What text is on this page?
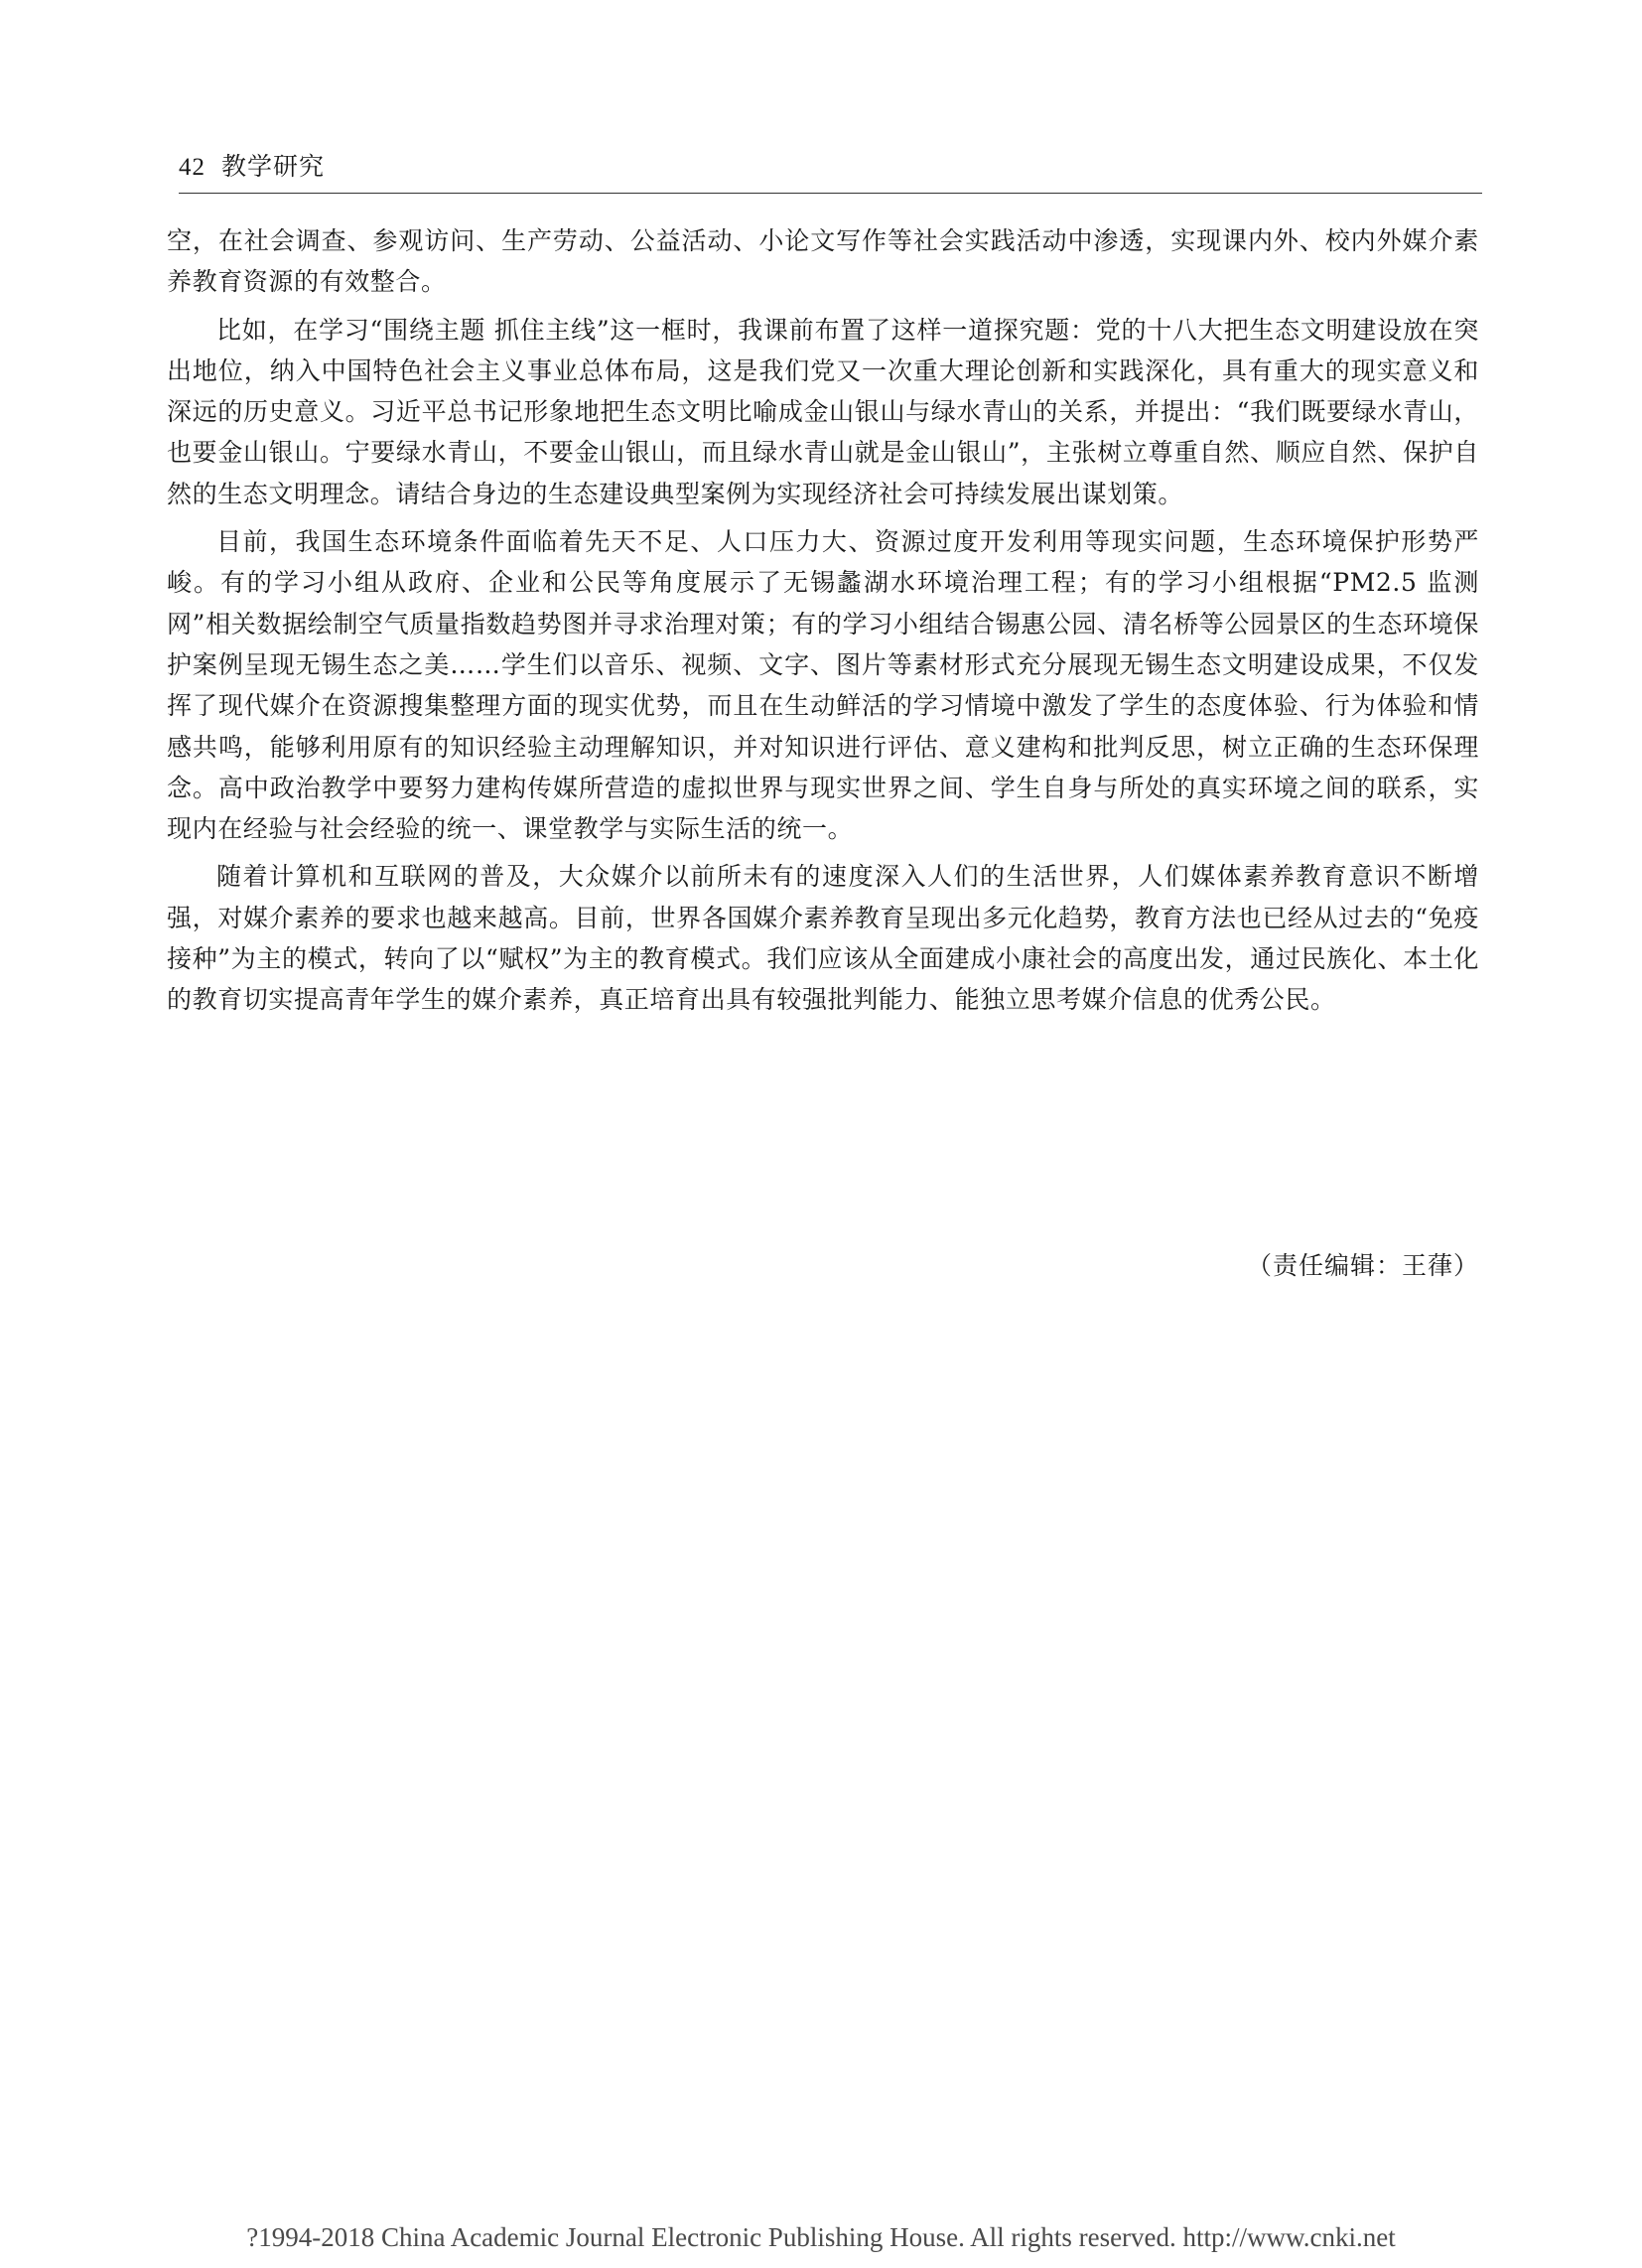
42 教学研究

空，在社会调查、参观访问、生产劳动、公益活动、小论文写作等社会实践活动中渗透，实现课内外、校内外媒介素养教育资源的有效整合。

比如，在学习“围绕主题 抓住主线”这一框时，我课前布置了这样一道探究题：党的十八大把生态文明建设放在突出地位，纳入中国特色社会主义事业总体布局，这是我们党又一次重大理论创新和实践深化，具有重大的现实意义和深远的历史意义。习近平总书记形象地把生态文明比喻成金山银山与绿水青山的关系，并提出：“我们既要绿水青山，也要金山银山。宁要绿水青山，不要金山银山，而且绿水青山就是金山银山”，主张树立尊重自然、顺应自然、保护自然的生态文明理念。请结合身边的生态建设典型案例为实现经济社会可持续发展出谋划策。

目前，我国生态环境条件面临着先天不足、人口压力大、资源过度开发利用等现实问题，生态环境保护形势严峻。有的学习小组从政府、企业和公民等角度展示了无锡蠡湖水环境治理工程；有的学习小组根据“PM2.5 监测网”相关数据绘制空气质量指数趋势图并寻求治理对策；有的学习小组结合锡惠公园、清名桥等公园景区的生态环境保护案例呈现无锡生态之美……学生们以音乐、视频、文字、图片等素材形式充分展现无锡生态文明建设成果，不仅发挥了现代媒介在资源搜集整理方面的现实优势，而且在生动鲜活的学习情境中激发了学生的态度体验、行为体验和情感共鸣，能够利用原有的知识经验主动理解知识，并对知识进行评估、意义建构和批判反思，树立正确的生态环保理念。高中政治教学中要努力建构传媒所营造的虚拟世界与现实世界之间、学生自身与所处的真实环境之间的联系，实现内在经验与社会经验的统一、课堂教学与实际生活的统一。

随着计算机和互联网的普及，大众媒介以前所未有的速度深入人们的生活世界，人们媒体素养教育意识不断增强，对媒介素养的要求也越来越高。目前，世界各国媒介素养教育呈现出多元化趋势，教育方法也已经从过去的“免疫接种”为主的模式，转向了以“赋权”为主的教育模式。我们应该从全面建成小康社会的高度出发，通过民族化、本土化的教育切实提高青年学生的媒介素养，真正培育出具有较强批判能力、能独立思考媒介信息的优秀公民。

（责任编辑：王葎）
?1994-2018 China Academic Journal Electronic Publishing House. All rights reserved. http://www.cnki.net
